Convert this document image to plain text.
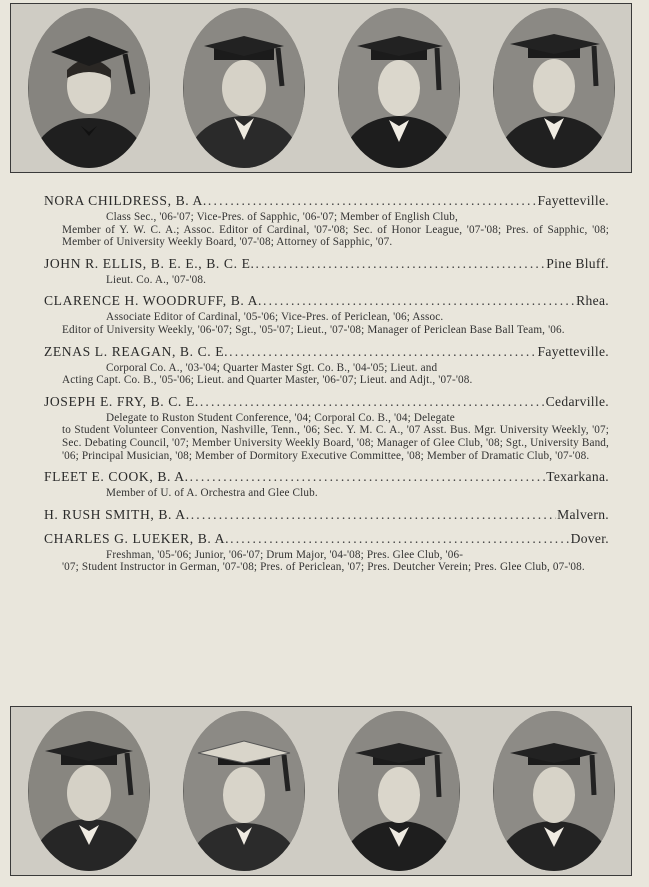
NORA CHILDRESS, B. A. .....	Fayetteville.
Class Sec., '06-'07; Vice-Pres. of Sapphic, '06-'07; Member of English Club,
Member of Y. W. C. A.; Assoc. Editor of Cardinal, '07-'08; Sec. of Honor League, '07-'08; Pres. of Sapphic, '08; Member of University Weekly Board, '07-'08; Attorney of Sapphic, '07.
JOHN R. ELLIS, B. E. E., B. C. E. .....	Pine Bluff.
Lieut. Co. A., '07-'08.
CLARENCE H. WOODRUFF, B. A. .....	Rhea.
Associate Editor of Cardinal, '05-'06; Vice-Pres. of Periclean, '06; Assoc.
Editor of University Weekly, '06-'07; Sgt., '05-'07; Lieut., '07-'08; Manager of Periclean Base Ball Team, '06.
ZENAS L. REAGAN, B. C. E. .....	Fayetteville.
Corporal Co. A., '03-'04; Quarter Master Sgt. Co. B., '04-'05; Lieut. and
Acting Capt. Co. B., '05-'06; Lieut. and Quarter Master, '06-'07; Lieut. and Adjt., '07-'08.
JOSEPH E. FRY, B. C. E. .....	Cedarville.
Delegate to Ruston Student Conference, '04; Corporal Co. B., '04; Delegate
to Student Volunteer Convention, Nashville, Tenn., '06; Sec. Y. M. C. A., '07 Asst. Bus. Mgr. University Weekly, '07; Sec. Debating Council, '07; Member University Weekly Board, '08; Manager of Glee Club, '08; Sgt., University Band, '06; Principal Musician, '08; Member of Dormitory Executive Committee, '08; Member of Dramatic Club, '07-'08.
FLEET E. COOK, B. A. .....	Texarkana.
Member of U. of A. Orchestra and Glee Club.
H. RUSH SMITH, B. A. .....	Malvern.
CHARLES G. LUEKER, B. A. .....	Dover.
Freshman, '05-'06; Junior, '06-'07; Drum Major, '04-'08; Pres. Glee Club, '06-
'07; Student Instructor in German, '07-'08; Pres. of Periclean, '07; Pres. Deutcher Verein; Pres. Glee Club, 07-'08.
